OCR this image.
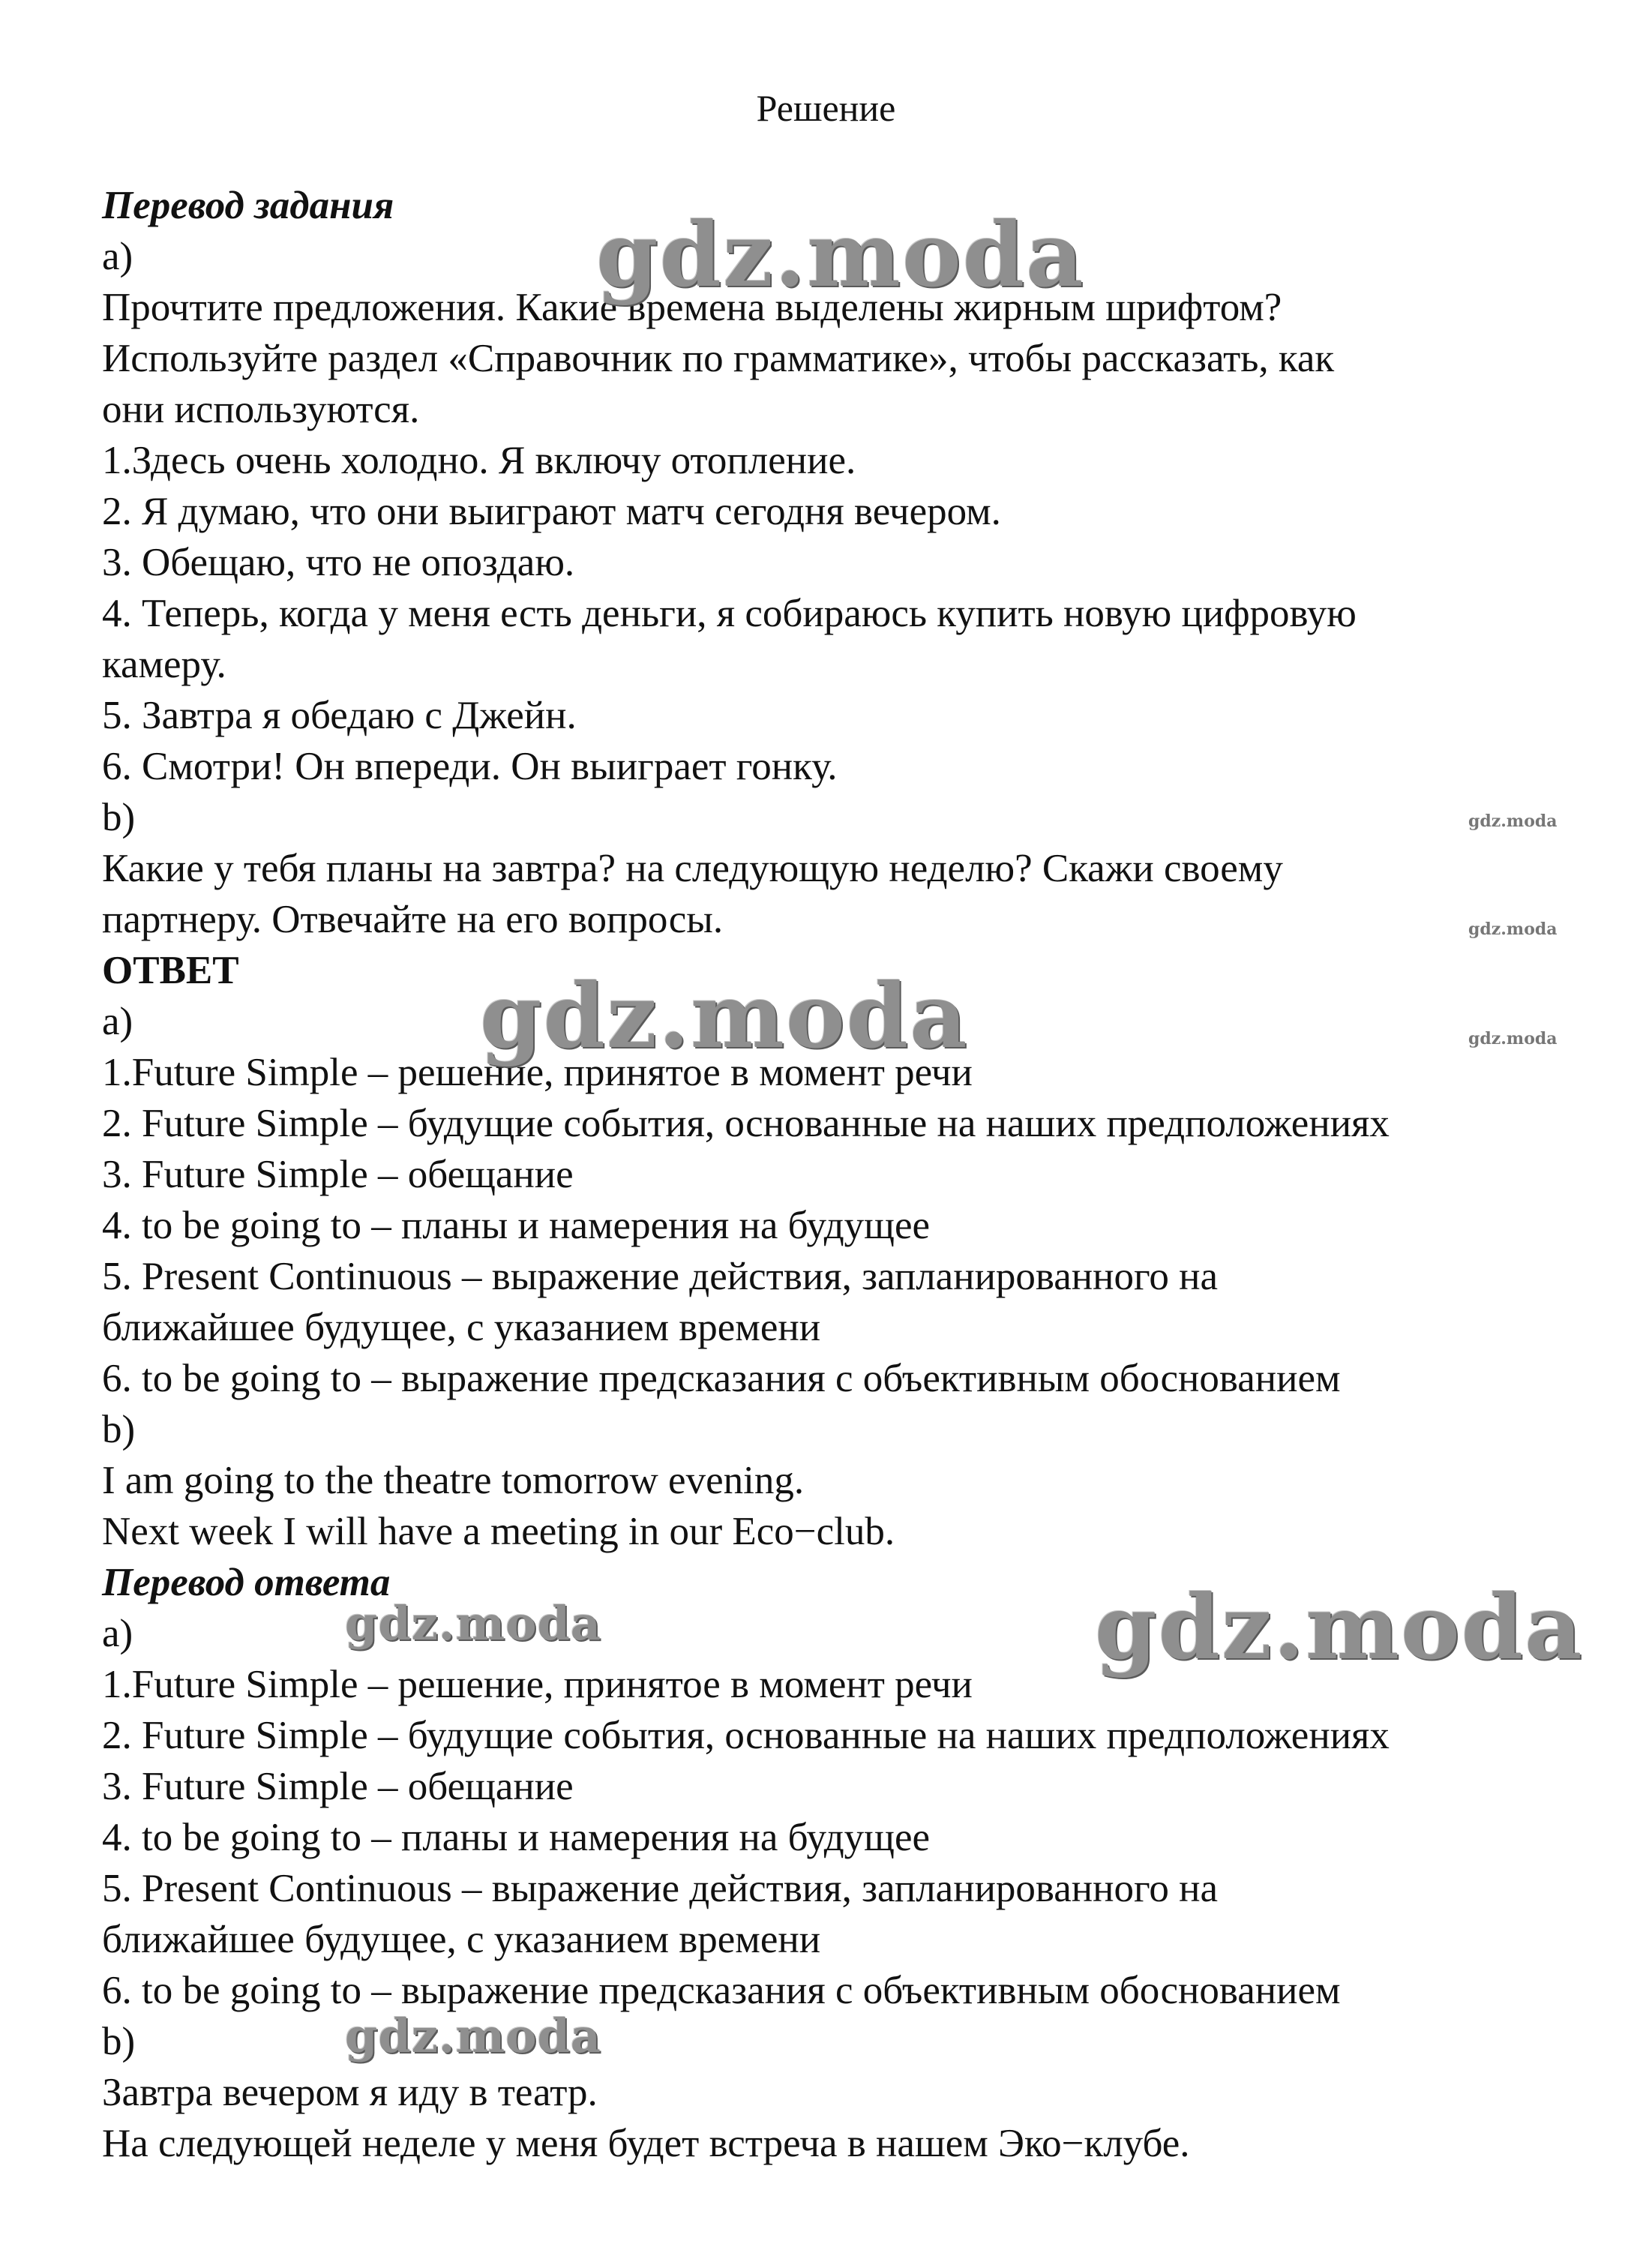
Решение
Перевод задания
a)
Прочтите предложения. Какие времена выделены жирным шрифтом?
Используйте раздел «Справочник по грамматике», чтобы рассказать, как
они используются.
1.Здесь очень холодно. Я включу отопление.
2. Я думаю, что они выиграют матч сегодня вечером.
3. Обещаю, что не опоздаю.
4. Теперь, когда у меня есть деньги, я собираюсь купить новую цифровую
камеру.
5. Завтра я обедаю с Джейн.
6. Смотри! Он впереди. Он выиграет гонку.
b)
Какие у тебя планы на завтра? на следующую неделю? Скажи своему
партнеру. Отвечайте на его вопросы.
ОТВЕТ
a)
1.Future Simple – решение, принятое в момент речи
2. Future Simple – будущие события, основанные на наших предположениях
3. Future Simple – обещание
4. to be going to – планы и намерения на будущее
5. Present Continuous – выражение действия, запланированного на
ближайшее будущее, с указанием времени
6. to be going to – выражение предсказания с объективным обоснованием
b)
I am going to the theatre tomorrow evening.
Next week I will have a meeting in our Eco−club.
Перевод ответа
a)
1.Future Simple – решение, принятое в момент речи
2. Future Simple – будущие события, основанные на наших предположениях
3. Future Simple – обещание
4. to be going to – планы и намерения на будущее
5. Present Continuous – выражение действия, запланированного на
ближайшее будущее, с указанием времени
6. to be going to – выражение предсказания с объективным обоснованием
b)
Завтра вечером я иду в театр.
На следующей неделе у меня будет встреча в нашем Эко−клубе.
gdz.moda
gdz.moda
gdz.moda
gdz.moda
gdz.moda
gdz.moda
gdz.moda
gdz.moda
